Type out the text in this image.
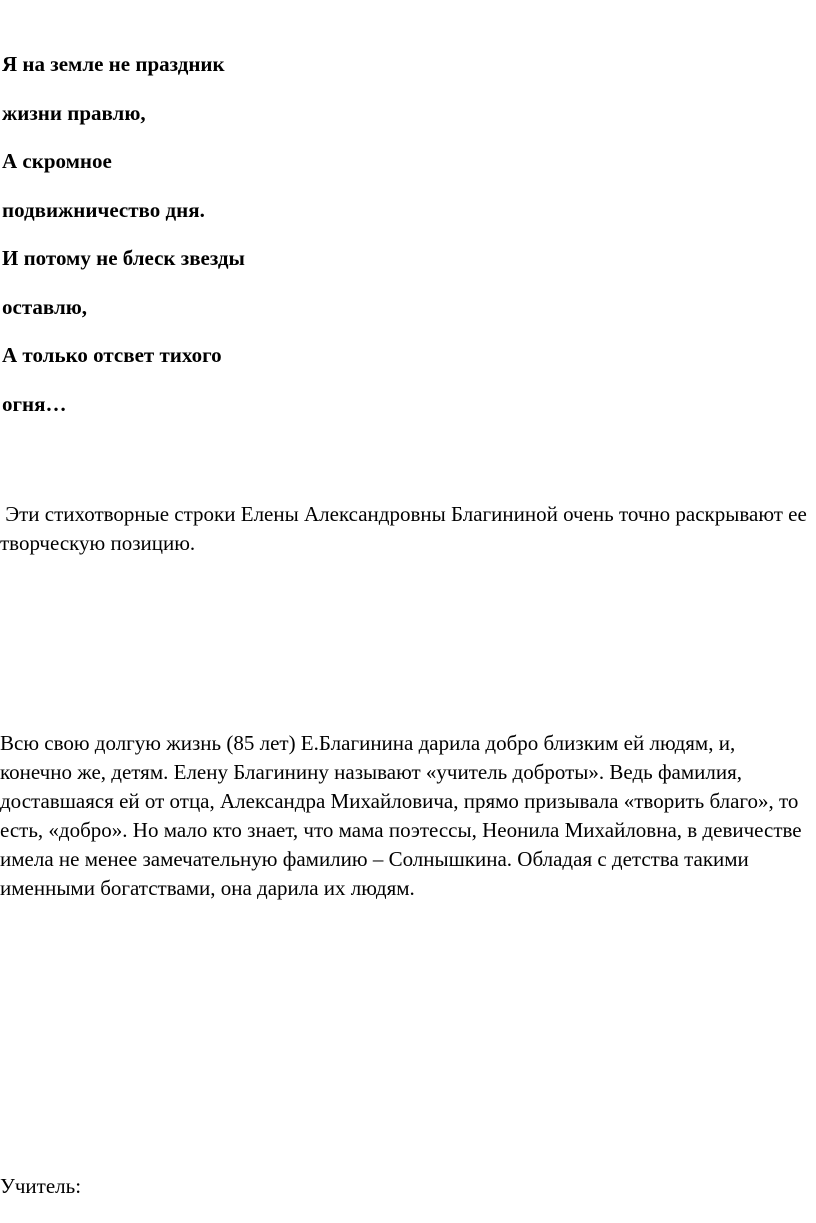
Я на земле не праздник

жизни правлю,

А скромное

подвижничество дня.

И потому не блеск звезды

оставлю,

А только отсвет тихого

огня…

Эти стихотворные строки Елены Александровны Благининой очень точно раскрывают ее творческую позицию.

Всю свою долгую жизнь (85 лет) Е.Благинина дарила добро близким ей людям, и, конечно же, детям. Елену Благинину называют «учитель доброты». Ведь фамилия, доставшаяся ей от отца, Александра Михайловича, прямо призывала «творить благо», то есть, «добро». Но мало кто знает, что мама поэтессы, Неонила Михайловна, в девичестве имела не менее замечательную фамилию – Солнышкина. Обладая с детства такими именными богатствами, она дарила их людям.

Учитель:
